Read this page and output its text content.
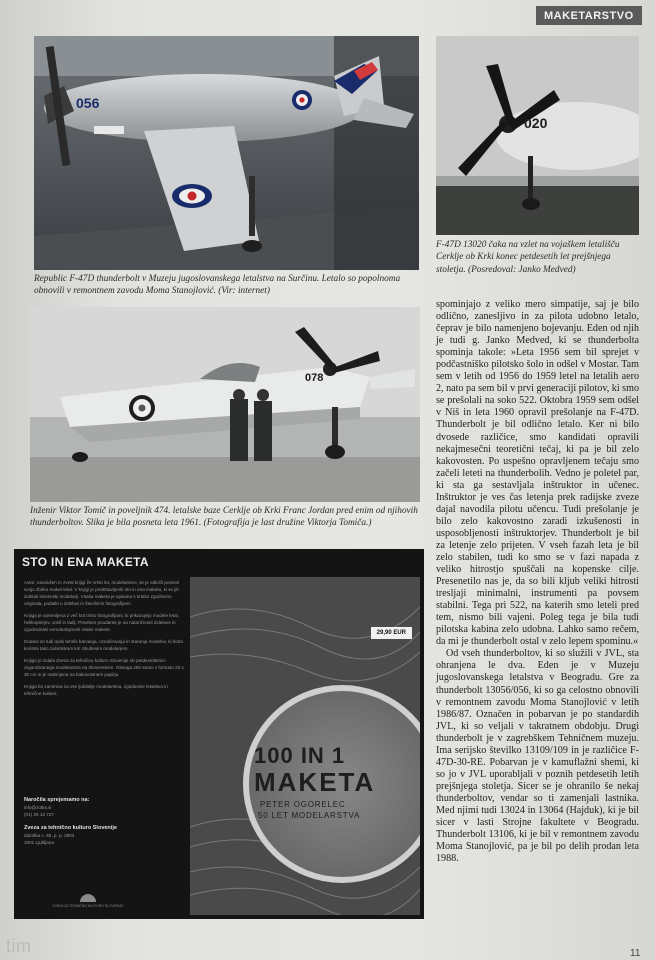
MAKETARSTVO
056
Republic F-47D thunderbolt v Muzeju jugoslovanskega letalstva na Surčinu. Letalo so popolnoma obnovili v remontnem zavodu Moma Stanojlović. (Vir: internet)
020
F-47D 13020 čaka na vzlet na vojaškem letališču Cerklje ob Krki konec petdesetih let prejšnjega stoletja. (Posredoval: Janko Medved)
078
Inženir Viktor Tomič in poveljnik 474. letalske baze Cerklje ob Krki Franc Jordan pred enim od njihovih thunderboltov. Slika je bila posneta leta 1961. (Fotografija je last družine Viktorja Tomiča.)

spominjajo z veliko mero simpatije, saj je bilo odlično, zanesljivo in za pilota udobno letalo, čeprav je bilo namenjeno bojevanju. Eden od njih je tudi g. Janko Medved, ki se thunderbolta spominja takole: »Leta 1956 sem bil sprejet v podčastniško pilotsko šolo in odšel v Mostar. Tam sem v letih od 1956 do 1959 letel na letalih aero 2, nato pa sem bil v prvi generaciji pilotov, ki smo se prešolali na soko 522. Oktobra 1959 sem odšel v Niš in leta 1960 opravil prešolanje na F-47D. Thunderbolt je bil odlično letalo. Ker ni bilo dvosede različice, smo kandidati opravili nekajmesečni teoretični tečaj, ki pa je bil zelo kakovosten. Po uspešno opravljenem tečaju smo začeli leteti na thunderbolih. Vedno je poletel par, ki sta ga sestavljala inštruktor in učenec. Inštruktor je ves čas letenja prek radijske zveze dajal navodila pilotu učencu. Tudi prešolanje je bilo zelo kakovostno zaradi izkušenosti in usposobljenosti inštruktorjev. Thunderbolt je bil za letenje zelo prijeten. V vseh fazah leta je bil zelo stabilen, tudi ko smo se v fazi napada z veliko hitrostjo spuščali na kopenske cilje. Presenetilo nas je, da so bili kljub veliki hitrosti tresljaji minimalni, instrumenti pa povsem stabilni. Tega pri 522, na katerih smo leteli pred tem, nismo bili vajeni. Poleg tega je bila tudi pilotska kabina zelo udobna. Lahko samo rečem, da mi je thunderbolt ostal v zelo lepem spominu.«

Od vseh thunderboltov, ki so služili v JVL, sta ohranjena le dva. Eden je v Muzeju jugoslovanskega letalstva v Beogradu. Gre za thunderbolt 13056/056, ki so ga celostno obnovili v remontnem zavodu Moma Stanojlović v letih 1986/87. Označen in pobarvan je po standardih JVL, ki so veljali v takratnem obdobju. Drugi thunderbolt je v zagrebškem Tehničnem muzeju. Ima serijsko številko 13109/109 in je različice F-47D-30-RE. Pobarvan je v kamuflažni shemi, ki so jo v JVL uporabljali v poznih petdesetih letih prejšnjega stoletja. Sicer se je ohranilo še nekaj thunderboltov, vendar so ti zamenjali lastnika. Med njimi tudi 13024 in 13064 (Hajduk), ki je bil sicer v lasti Strojne fakultete v Beogradu. Thunderbolt 13106, ki je bil v remontnem zavodu Moma Stanojlović, pa je bil po delih prodan leta 1988.

STO IN ENA MAKETA

Avtor, navdušen in zvest knjigi že vrsto let, modelarstvo, se je odločil posneti svojo zbirko maket letal. V knjigi je predstavljenih sto in ena maketa, ki so jih izdelali slovenski modelarji. Vsaka maketa je opisana s kratko zgodovino originala, podatki o izdelavi in številnimi fotografijami.

Knjiga je opremljena z več kot tristo fotografijami, ki prikazujejo modele letal, helikopterjev, vozil in ladij. Poseben poudarek je na natančnosti izdelave in zgodovinski verodostojnosti vsake makete.

Dodani so tudi opisi tehnik barvanja, označevanja in staranja modelov, ki bodo koristni tako začetnikom kot izkušenim modelarjem.

Knjigo je izdala Zveza za tehnično kulturo Slovenije ob petdesetletnici organiziranega modelarstva na Slovenskem. Obsega 260 strani v formatu 23 x 30 cm in je natisnjena na kakovostnem papirju.

Knjiga bo zanimiva za vse ljubitelje modelarstva, zgodovine letalstva in tehnične kulture.

Naročila sprejemamo na:
info@zotks.si
(01) 25 13 727
Zveza za tehnično kulturo Slovenije
Zaloška c. 65, p. p. 2803
1001 Ljubljana
ZVEZA ZA TEHNIČNO KULTURO SLOVENIJE
29,90 EUR
100 IN 1
MAKETA
PETER OGORELEC
50 LET MODELARSTVA
tim	11
